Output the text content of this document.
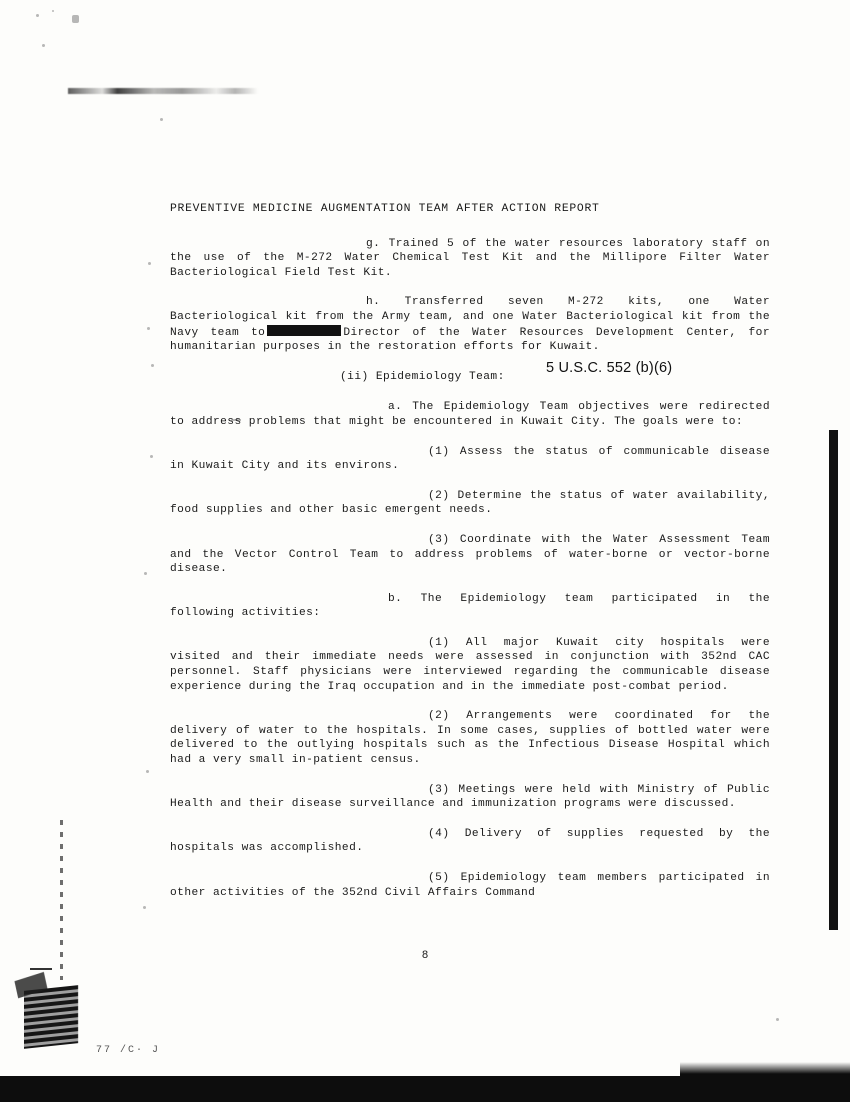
PREVENTIVE MEDICINE AUGMENTATION TEAM AFTER ACTION REPORT

g. Trained 5 of the water resources laboratory staff on the use of the M-272 Water Chemical Test Kit and the Millipore Filter Water Bacteriological Field Test Kit.

h. Transferred seven M-272 kits, one Water Bacteriological kit from the Army team, and one Water Bacteriological kit from the Navy team to	Director of the Water Resources Development Center, for humanitarian purposes in the restoration efforts for Kuwait.

(ii) Epidemiology Team:

a. The Epidemiology Team objectives were redirected to address problems that might be encountered in Kuwait City. The goals were to:

(1) Assess the status of communicable disease in Kuwait City and its environs.

(2) Determine the status of water availability, food supplies and other basic emergent needs.

(3) Coordinate with the Water Assessment Team and the Vector Control Team to address problems of water-borne or vector-borne disease.

b. The Epidemiology team participated in the following activities:

(1) All major Kuwait city hospitals were visited and their immediate needs were assessed in conjunction with 352nd CAC personnel. Staff physicians were interviewed regarding the communicable disease experience during the Iraq occupation and in the immediate post-combat period.

(2) Arrangements were coordinated for the delivery of water to the hospitals. In some cases, supplies of bottled water were delivered to the outlying hospitals such as the Infectious Disease Hospital which had a very small in-patient census.

(3) Meetings were held with Ministry of Public Health and their disease surveillance and immunization programs were discussed.

(4) Delivery of supplies requested by the hospitals was accomplished.

(5) Epidemiology team members participated in other activities of the 352nd Civil Affairs Command

5 U.S.C. 552 (b)(6)
8
77 /C· J
